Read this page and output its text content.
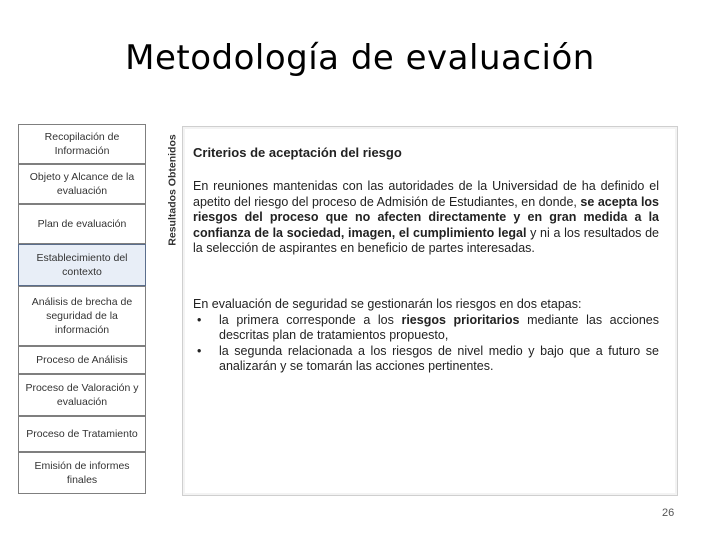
Metodología de evaluación
Recopilación de Información
Objeto y Alcance de la evaluación
Plan de evaluación
Establecimiento del contexto
Análisis de brecha de seguridad de la información
Proceso de Análisis
Proceso de Valoración y evaluación
Proceso de Tratamiento
Emisión de informes finales
Resultados Obtenidos Criterios de aceptación del riesgo
En reuniones mantenidas con las autoridades de la Universidad de ha definido el apetito del riesgo del proceso de Admisión de Estudiantes, en donde, se acepta los riesgos del proceso que no afecten directamente y en gran medida a la confianza de la sociedad, imagen, el cumplimiento legal y ni a los resultados de la selección de aspirantes en beneficio de partes interesadas.
En evaluación de seguridad se gestionarán los riesgos en dos etapas:
•	la primera corresponde a los riesgos prioritarios mediante las acciones descritas plan de tratamientos propuesto,
•	la segunda relacionada a los riesgos de nivel medio y bajo que a futuro se analizarán y se tomarán las acciones pertinentes.
26
